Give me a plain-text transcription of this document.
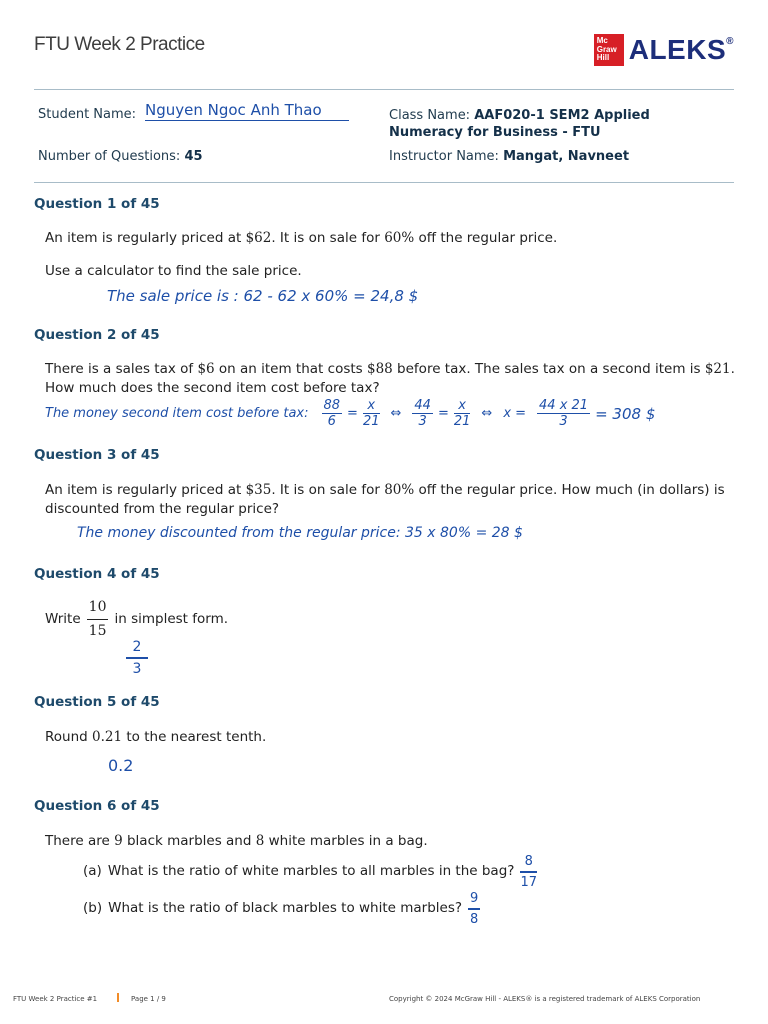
FTU Week 2 Practice	Mc
Graw
Hill ALEKS®
Student Name: Nguyen Ngoc Anh Thao	Class Name: AAF020-1 SEM2 Applied
Numeracy for Business - FTU
Number of Questions: 45	Instructor Name: Mangat, Navneet
Question 1 of 45
An item is regularly priced at $62. It is on sale for 60% off the regular price.
Use a calculator to find the sale price.
The sale price is : 62 - 62 x 60% = 24,8 $
Question 2 of 45
There is a sales tax of $6 on an item that costs $88 before tax. The sales tax on a second item is $21.
How much does the second item cost before tax?
The money second item cost before tax: $\frac{88}{6} = \frac{x}{21}$ ⇔ $\frac{44}{3} = \frac{x}{21}$ ⇔ $x = \frac{44 x 21}{3} = 308$ $
Question 3 of 45
An item is regularly priced at $35. It is on sale for 80% off the regular price. How much (in dollars) is
discounted from the regular price?
The money discounted from the regular price: 35 x 80% = 28 $
Question 4 of 45
Write $\frac{10}{15}$ in simplest form.
$\frac{2}{3}$
Question 5 of 45
Round 0.21 to the nearest tenth.
0.2
Question 6 of 45
There are 9 black marbles and 8 white marbles in a bag.
(a) What is the ratio of white marbles to all marbles in the bag? $\frac{8}{17}$
(b) What is the ratio of black marbles to white marbles? $\frac{9}{8}$
FTU Week 2 Practice #1	Page 1 / 9	Copyright © 2024 McGraw Hill - ALEKS® is a registered trademark of ALEKS Corporation
